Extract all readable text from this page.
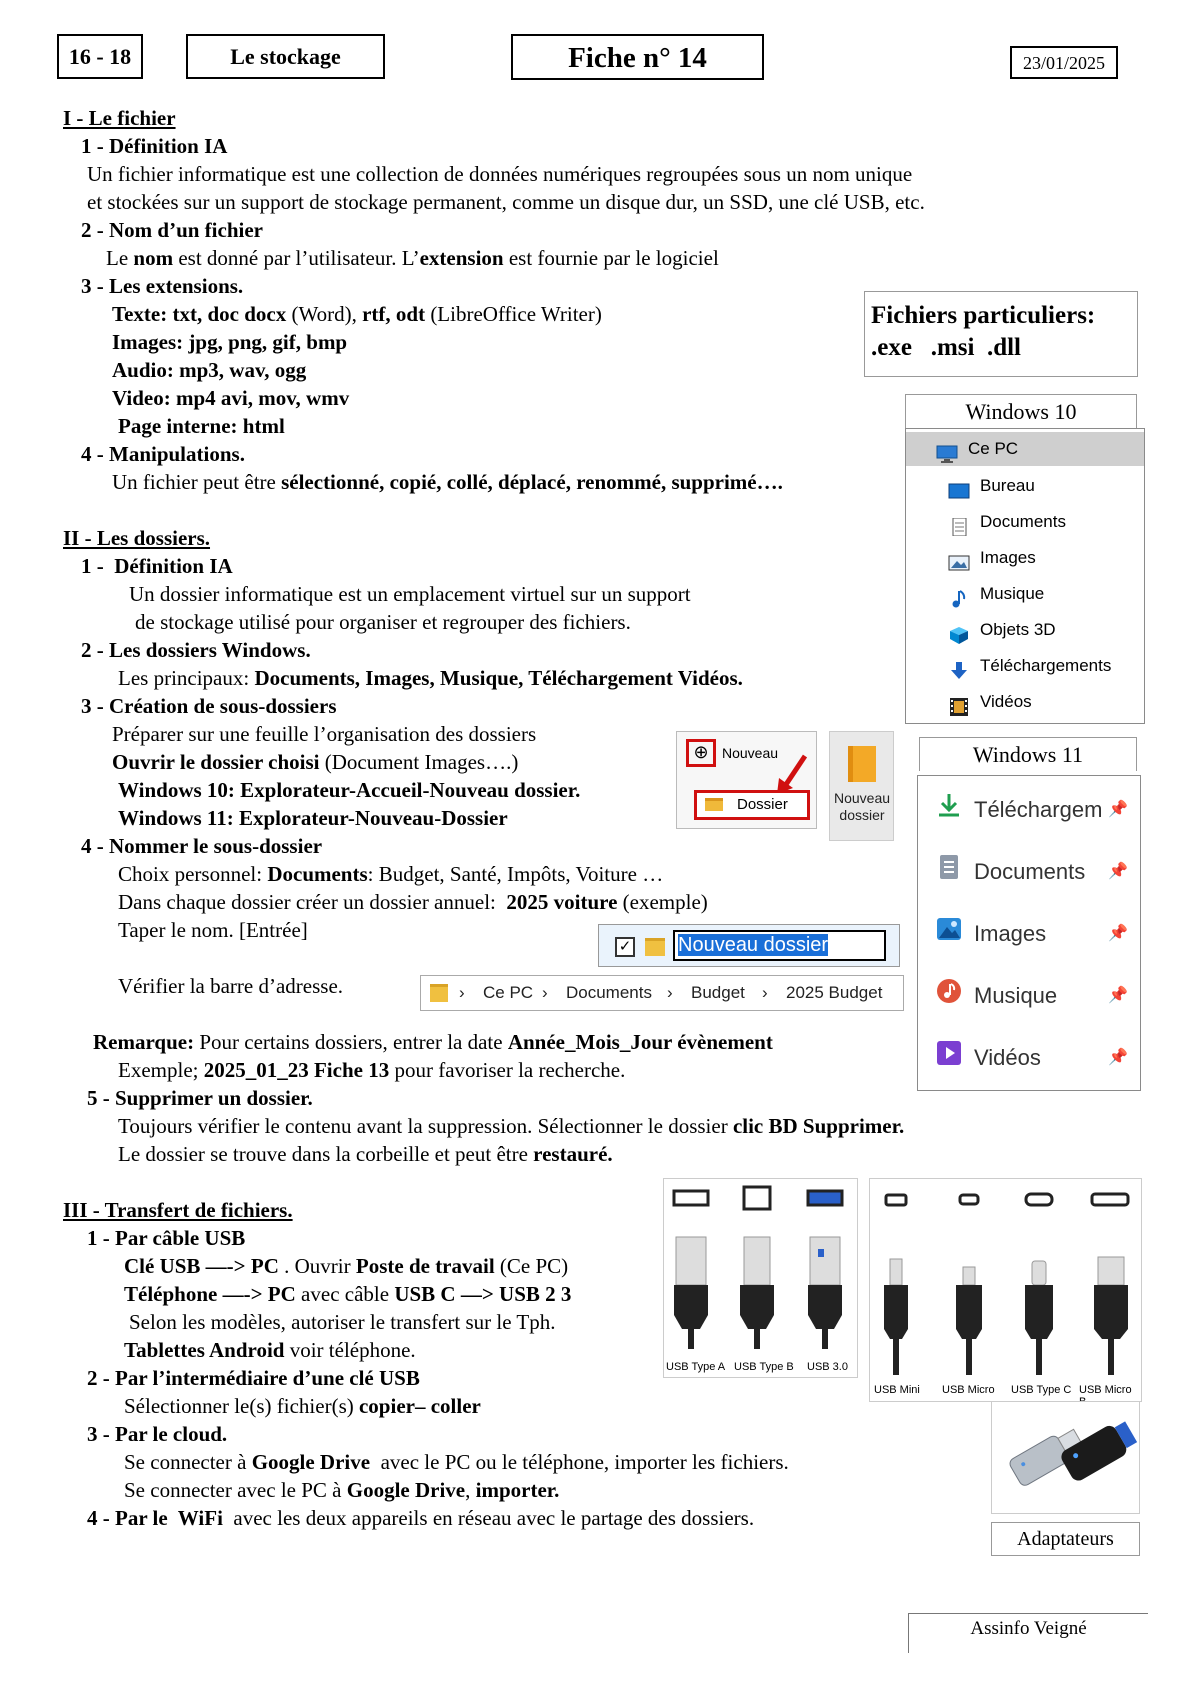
16 - 18	Le stockage	Fiche n° 14	23/01/2025
I - Le fichier
1 - Définition IA
Un fichier informatique est une collection de données numériques regroupées sous un nom unique
et stockées sur un support de stockage permanent, comme un disque dur, un SSD, une clé USB, etc.
2 - Nom d’un fichier
Le nom est donné par l’utilisateur. L’extension est fournie par le logiciel
3 - Les extensions.
Texte: txt, doc docx (Word), rtf, odt (LibreOffice Writer)
Images: jpg, png, gif, bmp
Audio: mp3, wav, ogg
Video: mp4 avi, mov, wmv
Page interne: html
4 - Manipulations.
Un fichier peut être sélectionné, copié, collé, déplacé, renommé, supprimé….
Fichiers particuliers:
.exe   .msi  .dll
Windows 10
Ce PC
Bureau
Documents
Images
Musique
Objets 3D
Téléchargements
Vidéos
II - Les dossiers.
1 -  Définition IA
Un dossier informatique est un emplacement virtuel sur un support
de stockage utilisé pour organiser et regrouper des fichiers.
2 - Les dossiers Windows.
Les principaux: Documents, Images, Musique, Téléchargement Vidéos.
3 - Création de sous-dossiers
Préparer sur une feuille l’organisation des dossiers
Ouvrir le dossier choisi (Document Images….)
Windows 10: Explorateur-Accueil-Nouveau dossier.
Windows 11: Explorateur-Nouveau-Dossier
4 - Nommer le sous-dossier
Choix personnel: Documents: Budget, Santé, Impôts, Voiture …
Dans chaque dossier créer un dossier annuel:  2025 voiture (exemple)
Taper le nom. [Entrée]
Vérifier la barre d’adresse.
Remarque: Pour certains dossiers, entrer la date Année_Mois_Jour évènement
Exemple; 2025_01_23 Fiche 13 pour favoriser la recherche.
5 - Supprimer un dossier.
Toujours vérifier le contenu avant la suppression. Sélectionner le dossier clic BD Supprimer.
Le dossier se trouve dans la corbeille et peut être restauré.
⊕ Nouveau
Dossier	Nouveau dossier
✓ Nouveau dossier
› Ce PC › Documents › Budget › 2025 Budget
Windows 11
Téléchargem 📌
Documents 📌
Images	📌
Musique	📌
Vidéos	📌
III - Transfert de fichiers.
1 - Par câble USB
Clé USB —-> PC . Ouvrir Poste de travail (Ce PC)
Téléphone —-> PC avec câble USB C —> USB 2 3
Selon les modèles, autoriser le transfert sur le Tph.
Tablettes Android voir téléphone.
2 - Par l’intermédiaire d’une clé USB
Sélectionner le(s) fichier(s) copier– coller
3 - Par le cloud.
Se connecter à Google Drive  avec le PC ou le téléphone, importer les fichiers.
Se connecter avec le PC à Google Drive, importer.
4 - Par le  WiFi  avec les deux appareils en réseau avec le partage des dossiers.
USB Type A USB Type B USB 3.0
USB Mini USB Micro USB Type C USB Micro
Adaptateurs
Assinfo Veigné
